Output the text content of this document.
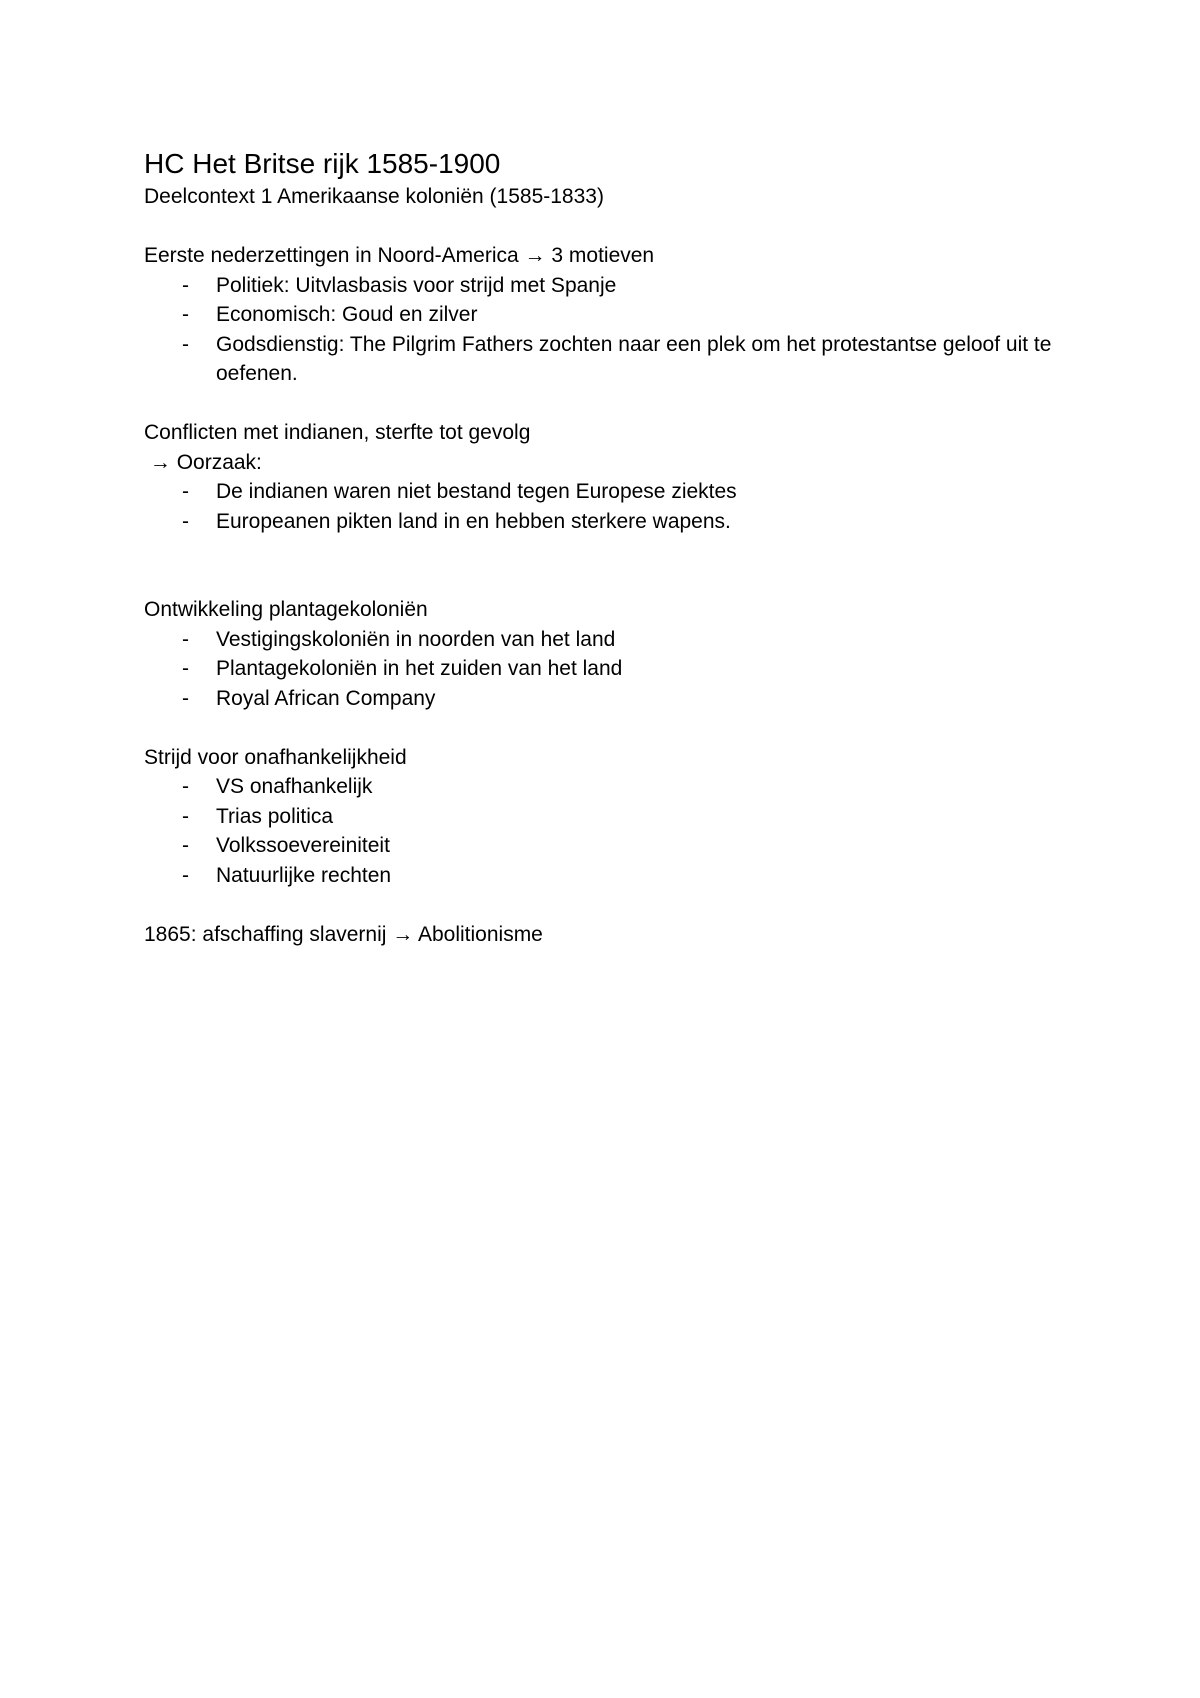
HC Het Britse rijk 1585-1900

Deelcontext 1 Amerikaanse koloniën (1585-1833)

Eerste nederzettingen in Noord-America → 3 motieven

- Politiek: Uitvlasbasis voor strijd met Spanje
- Economisch: Goud en zilver
- Godsdienstig: The Pilgrim Fathers zochten naar een plek om het protestantse geloof uit te oefenen.

Conflicten met indianen, sterfte tot gevolg

→ Oorzaak:

- De indianen waren niet bestand tegen Europese ziektes
- Europeanen pikten land in en hebben sterkere wapens.

Ontwikkeling plantagekoloniën

- Vestigingskoloniën in noorden van het land
- Plantagekoloniën in het zuiden van het land
- Royal African Company

Strijd voor onafhankelijkheid

- VS onafhankelijk
- Trias politica
- Volkssoevereiniteit
- Natuurlijke rechten

1865: afschaffing slavernij → Abolitionisme
